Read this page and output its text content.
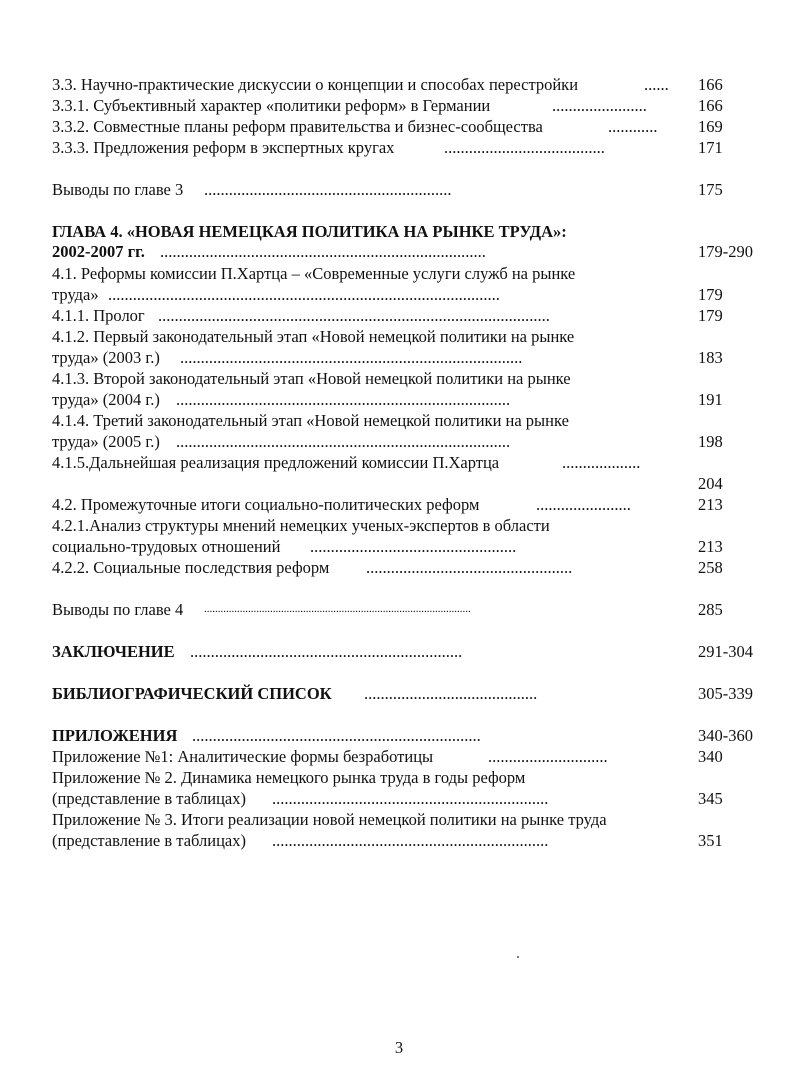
3.3. Научно-практические дискуссии о концепции и способах перестройки	...... 166
3.3.1. Субъективный характер «политики реформ» в Германии	.......................	166
3.3.2. Совместные планы реформ правительства и бизнес-сообщества	............ 169
3.3.3. Предложения реформ в экспертных кругах	.......................................	171
Выводы по главе 3 ............................................................	175
ГЛАВА 4. «НОВАЯ НЕМЕЦКАЯ ПОЛИТИКА НА РЫНКЕ ТРУДА»:
2002-2007 гг. ...............................................................................	179-290
4.1. Реформы комиссии П.Хартца – «Современные услуги служб на рынке
труда» ...............................................................................................	179
4.1.1. Пролог ...............................................................................................	179
4.1.2. Первый законодательный этап «Новой немецкой политики на рынке
труда» (2003 г.) ...................................................................................	183
4.1.3. Второй законодательный этап «Новой немецкой политики на рынке
труда» (2004 г.) .................................................................................	191
4.1.4. Третий законодательный этап «Новой немецкой политики на рынке
труда» (2005 г.) .................................................................................	198
4.1.5.Дальнейшая реализация предложений комиссии П.Хартца	...................
204
4.2. Промежуточные итоги социально-политических реформ	.......................	213
4.2.1.Анализ структуры мнений немецких ученых-экспертов в области
социально-трудовых отношений ..................................................	213
4.2.2. Социальные последствия реформ ..................................................	258
Выводы по главе 4 .................................................................................................	285
ЗАКЛЮЧЕНИЕ ..................................................................	291-304
БИБЛИОГРАФИЧЕСКИЙ СПИСОК ..........................................	305-339
ПРИЛОЖЕНИЯ ......................................................................	340-360
Приложение №1: Аналитические формы безработицы	.............................	340
Приложение № 2. Динамика немецкого рынка труда в годы реформ
(представление в таблицах) ...................................................................	345
Приложение № 3. Итоги реализации новой немецкой политики на рынке труда
(представление в таблицах) ...................................................................	351
3
